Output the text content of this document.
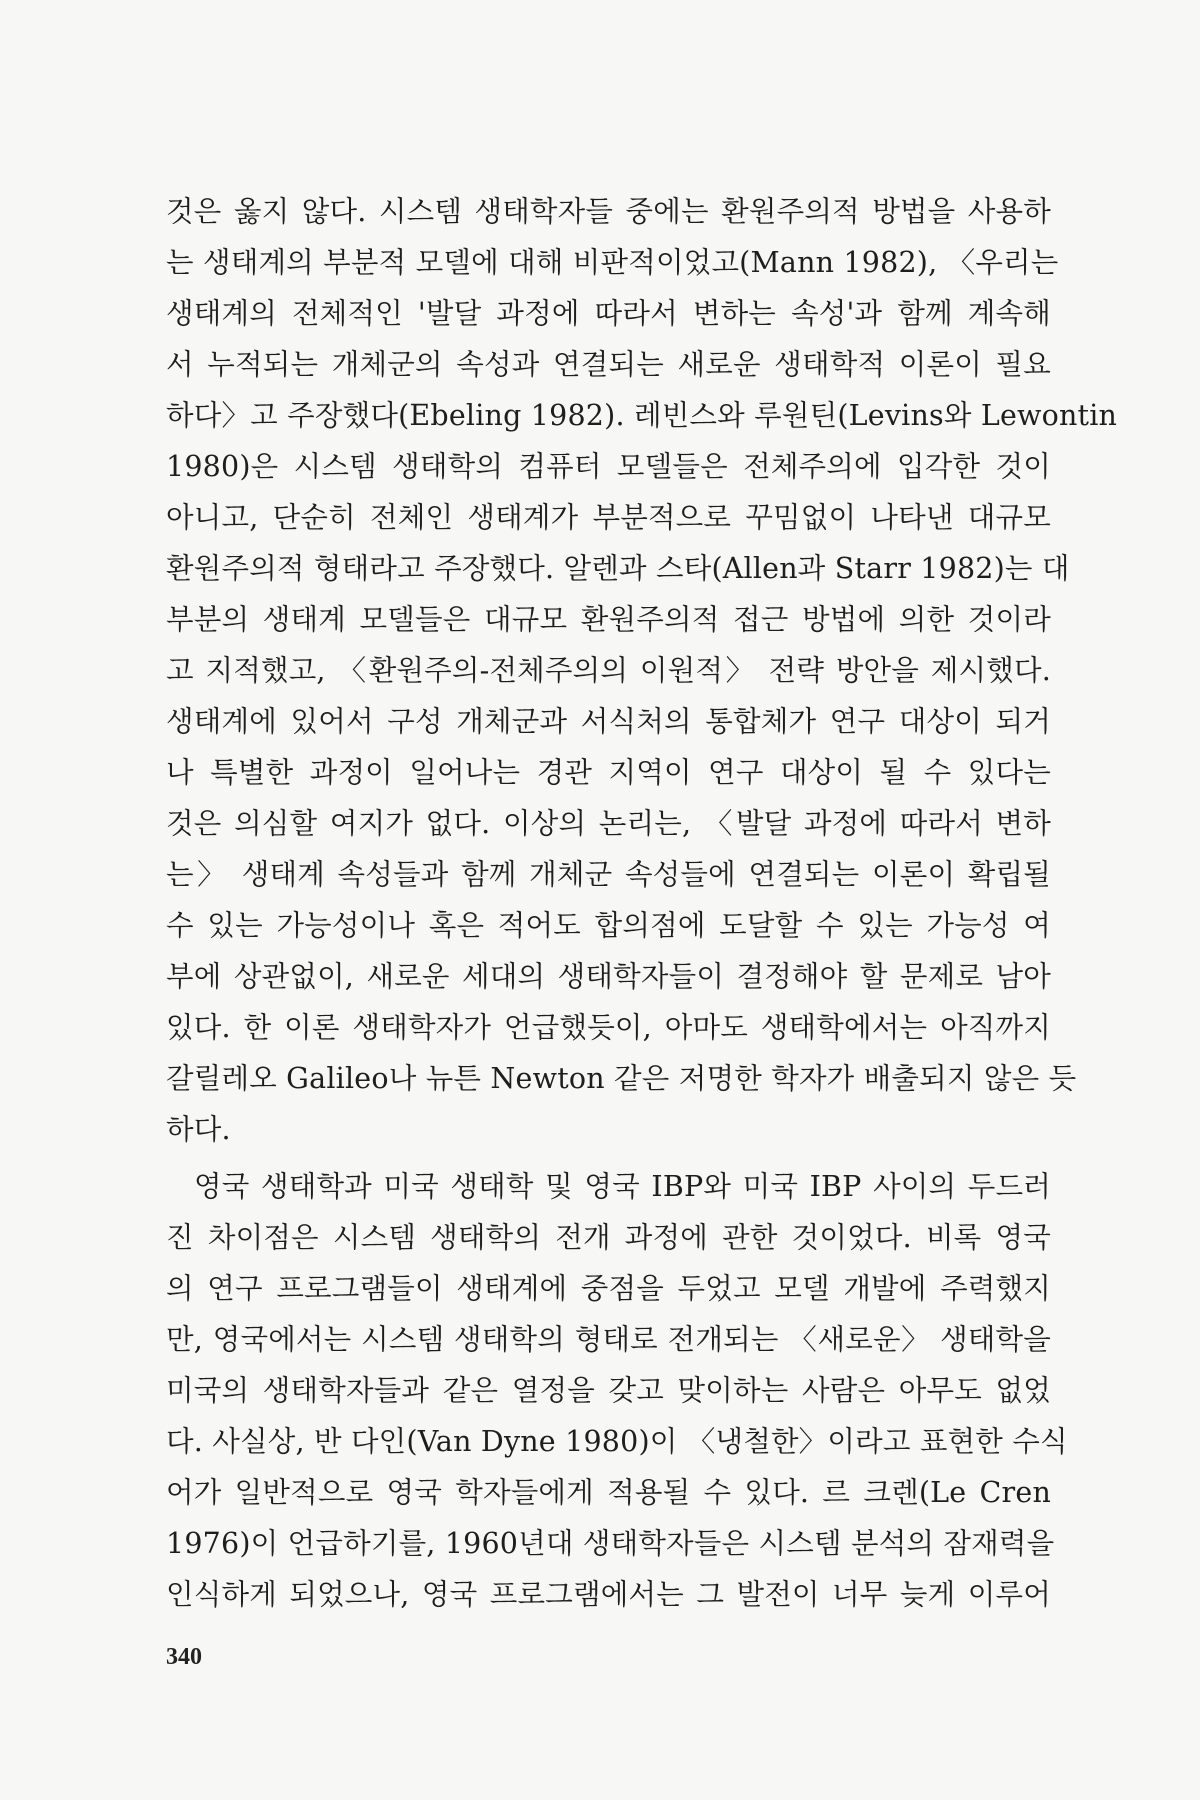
것은 옳지 않다. 시스템 생태학자들 중에는 환원주의적 방법을 사용하
는 생태계의 부분적 모델에 대해 비판적이었고(Mann 1982), 〈우리는
생태계의 전체적인 '발달 과정에 따라서 변하는 속성'과 함께 계속해
서 누적되는 개체군의 속성과 연결되는 새로운 생태학적 이론이 필요
하다〉고 주장했다(Ebeling 1982). 레빈스와 루원틴(Levins와 Lewontin
1980)은 시스템 생태학의 컴퓨터 모델들은 전체주의에 입각한 것이
아니고, 단순히 전체인 생태계가 부분적으로 꾸밈없이 나타낸 대규모
환원주의적 형태라고 주장했다. 알렌과 스타(Allen과 Starr 1982)는 대
부분의 생태계 모델들은 대규모 환원주의적 접근 방법에 의한 것이라
고 지적했고, 〈환원주의-전체주의의 이원적〉 전략 방안을 제시했다.
생태계에 있어서 구성 개체군과 서식처의 통합체가 연구 대상이 되거
나 특별한 과정이 일어나는 경관 지역이 연구 대상이 될 수 있다는
것은 의심할 여지가 없다. 이상의 논리는, 〈발달 과정에 따라서 변하
는〉 생태계 속성들과 함께 개체군 속성들에 연결되는 이론이 확립될
수 있는 가능성이나 혹은 적어도 합의점에 도달할 수 있는 가능성 여
부에 상관없이, 새로운 세대의 생태학자들이 결정해야 할 문제로 남아
있다. 한 이론 생태학자가 언급했듯이, 아마도 생태학에서는 아직까지
갈릴레오 Galileo나 뉴튼 Newton 같은 저명한 학자가 배출되지 않은 듯
하다.
영국 생태학과 미국 생태학 및 영국 IBP와 미국 IBP 사이의 두드러
진 차이점은 시스템 생태학의 전개 과정에 관한 것이었다. 비록 영국
의 연구 프로그램들이 생태계에 중점을 두었고 모델 개발에 주력했지
만, 영국에서는 시스템 생태학의 형태로 전개되는 〈새로운〉 생태학을
미국의 생태학자들과 같은 열정을 갖고 맞이하는 사람은 아무도 없었
다. 사실상, 반 다인(Van Dyne 1980)이 〈냉철한〉이라고 표현한 수식
어가 일반적으로 영국 학자들에게 적용될 수 있다. 르 크렌(Le Cren
1976)이 언급하기를, 1960년대 생태학자들은 시스템 분석의 잠재력을
인식하게 되었으나, 영국 프로그램에서는 그 발전이 너무 늦게 이루어
340
